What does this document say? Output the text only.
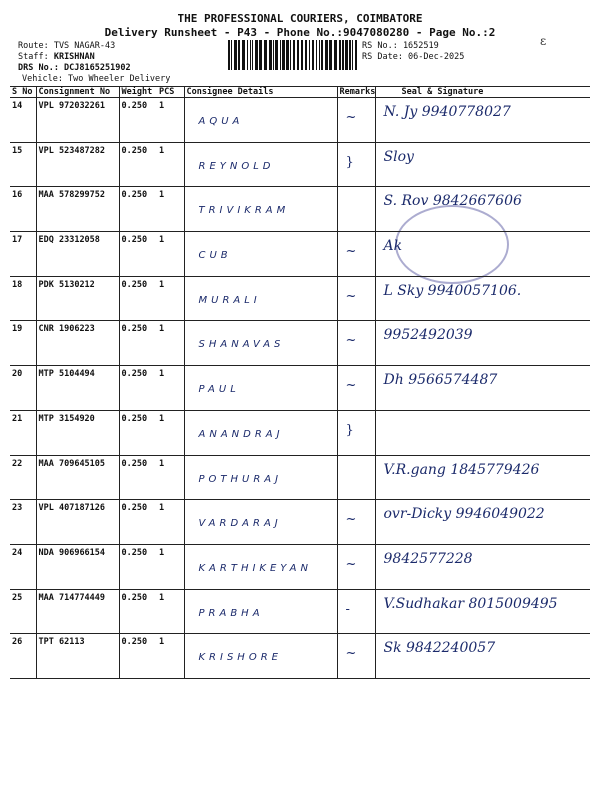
THE PROFESSIONAL COURIERS, COIMBATORE
Delivery Runsheet - P43 - Phone No.:9047080280 - Page No.:2
Route: TVS NAGAR-43
Staff: KRISHNAN
DRS No.: DCJ8165251902
Vehicle: Two Wheeler Delivery
RS No.: 1652519
RS Date: 06-Dec-2025
ɛ
S No	Consignment No	Weight	PCS	Consignee Details	Remarks	Seal & Signature
14	VPL 972032261	0.250	1	AQUA	~	N. Jy 9940778027

15	VPL 523487282	0.250	1	REYNOLD	}	Sloy

16	MAA 578299752	0.250	1	TRIVIKRAM		S. Rov 9842667606

17	EDQ 23312058	0.250	1	CUB	~	Ak

18	PDK 5130212	0.250	1	MURALI	~	L Sky 9940057106.

19	CNR 1906223	0.250	1	SHANAVAS	~	9952492039

20	MTP 5104494	0.250	1	PAUL	~	Dh 9566574487

21	MTP 3154920	0.250	1	ANANDRAJ	}	

22	MAA 709645105	0.250	1	POTHURAJ		V.R.gang 1845779426

23	VPL 407187126	0.250	1	VARDARAJ	~	ovr-Dicky 9946049022

24	NDA 906966154	0.250	1	KARTHIKEYAN	~	9842577228

25	MAA 714774449	0.250	1	PRABHA	-	V.Sudhakar 8015009495

26	TPT 62113	0.250	1	KRISHORE	~	Sk 9842240057
